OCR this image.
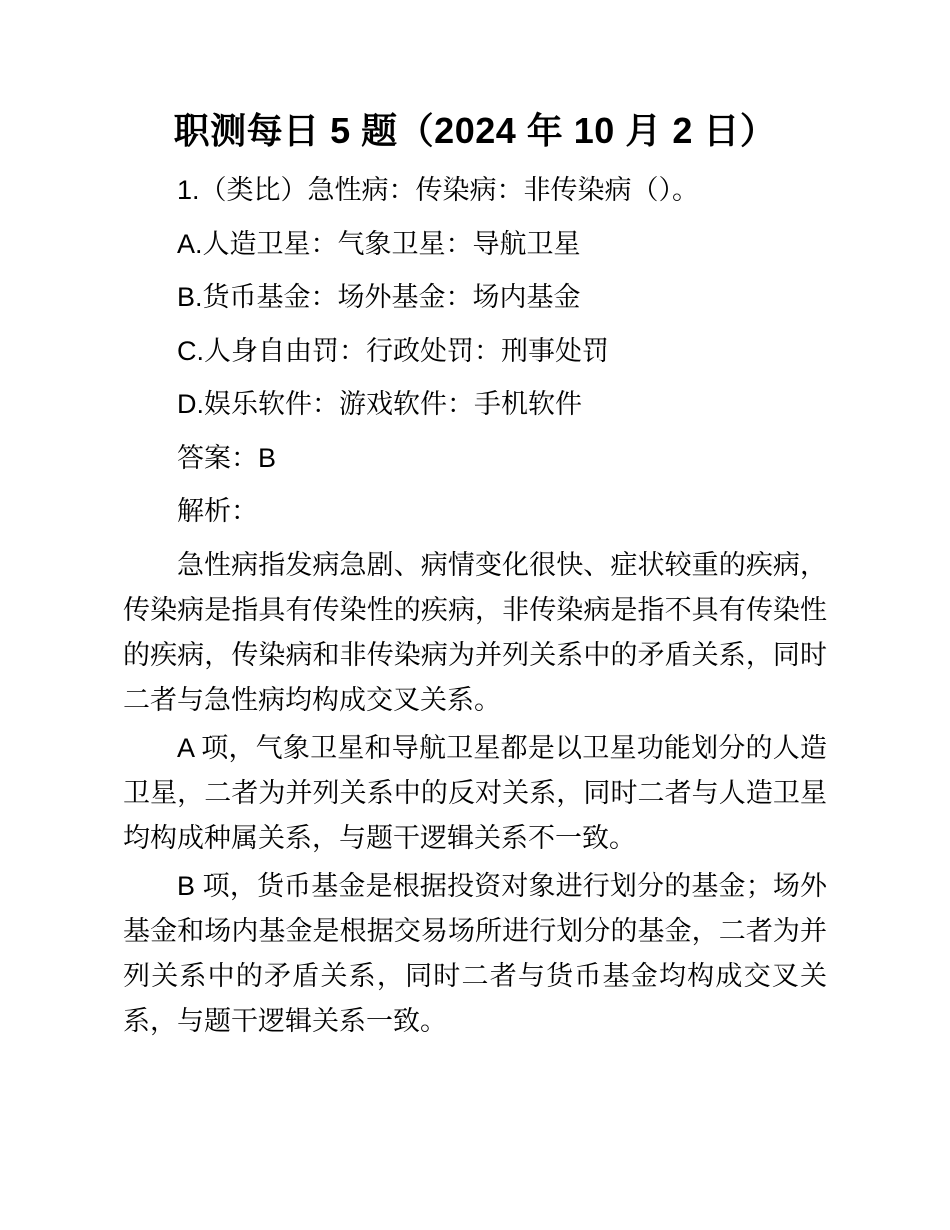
职测每日 5 题（2024 年 10 月 2 日）

1.（类比）急性病：传染病：非传染病（）。

A.人造卫星：气象卫星：导航卫星

B.货币基金：场外基金：场内基金

C.人身自由罚：行政处罚：刑事处罚

D.娱乐软件：游戏软件：手机软件

答案：B

解析：

急性病指发病急剧、病情变化很快、症状较重的疾病，传染病是指具有传染性的疾病，非传染病是指不具有传染性的疾病，传染病和非传染病为并列关系中的矛盾关系，同时二者与急性病均构成交叉关系。

A 项，气象卫星和导航卫星都是以卫星功能划分的人造卫星，二者为并列关系中的反对关系，同时二者与人造卫星均构成种属关系，与题干逻辑关系不一致。

B 项，货币基金是根据投资对象进行划分的基金；场外基金和场内基金是根据交易场所进行划分的基金，二者为并列关系中的矛盾关系，同时二者与货币基金均构成交叉关系，与题干逻辑关系一致。
